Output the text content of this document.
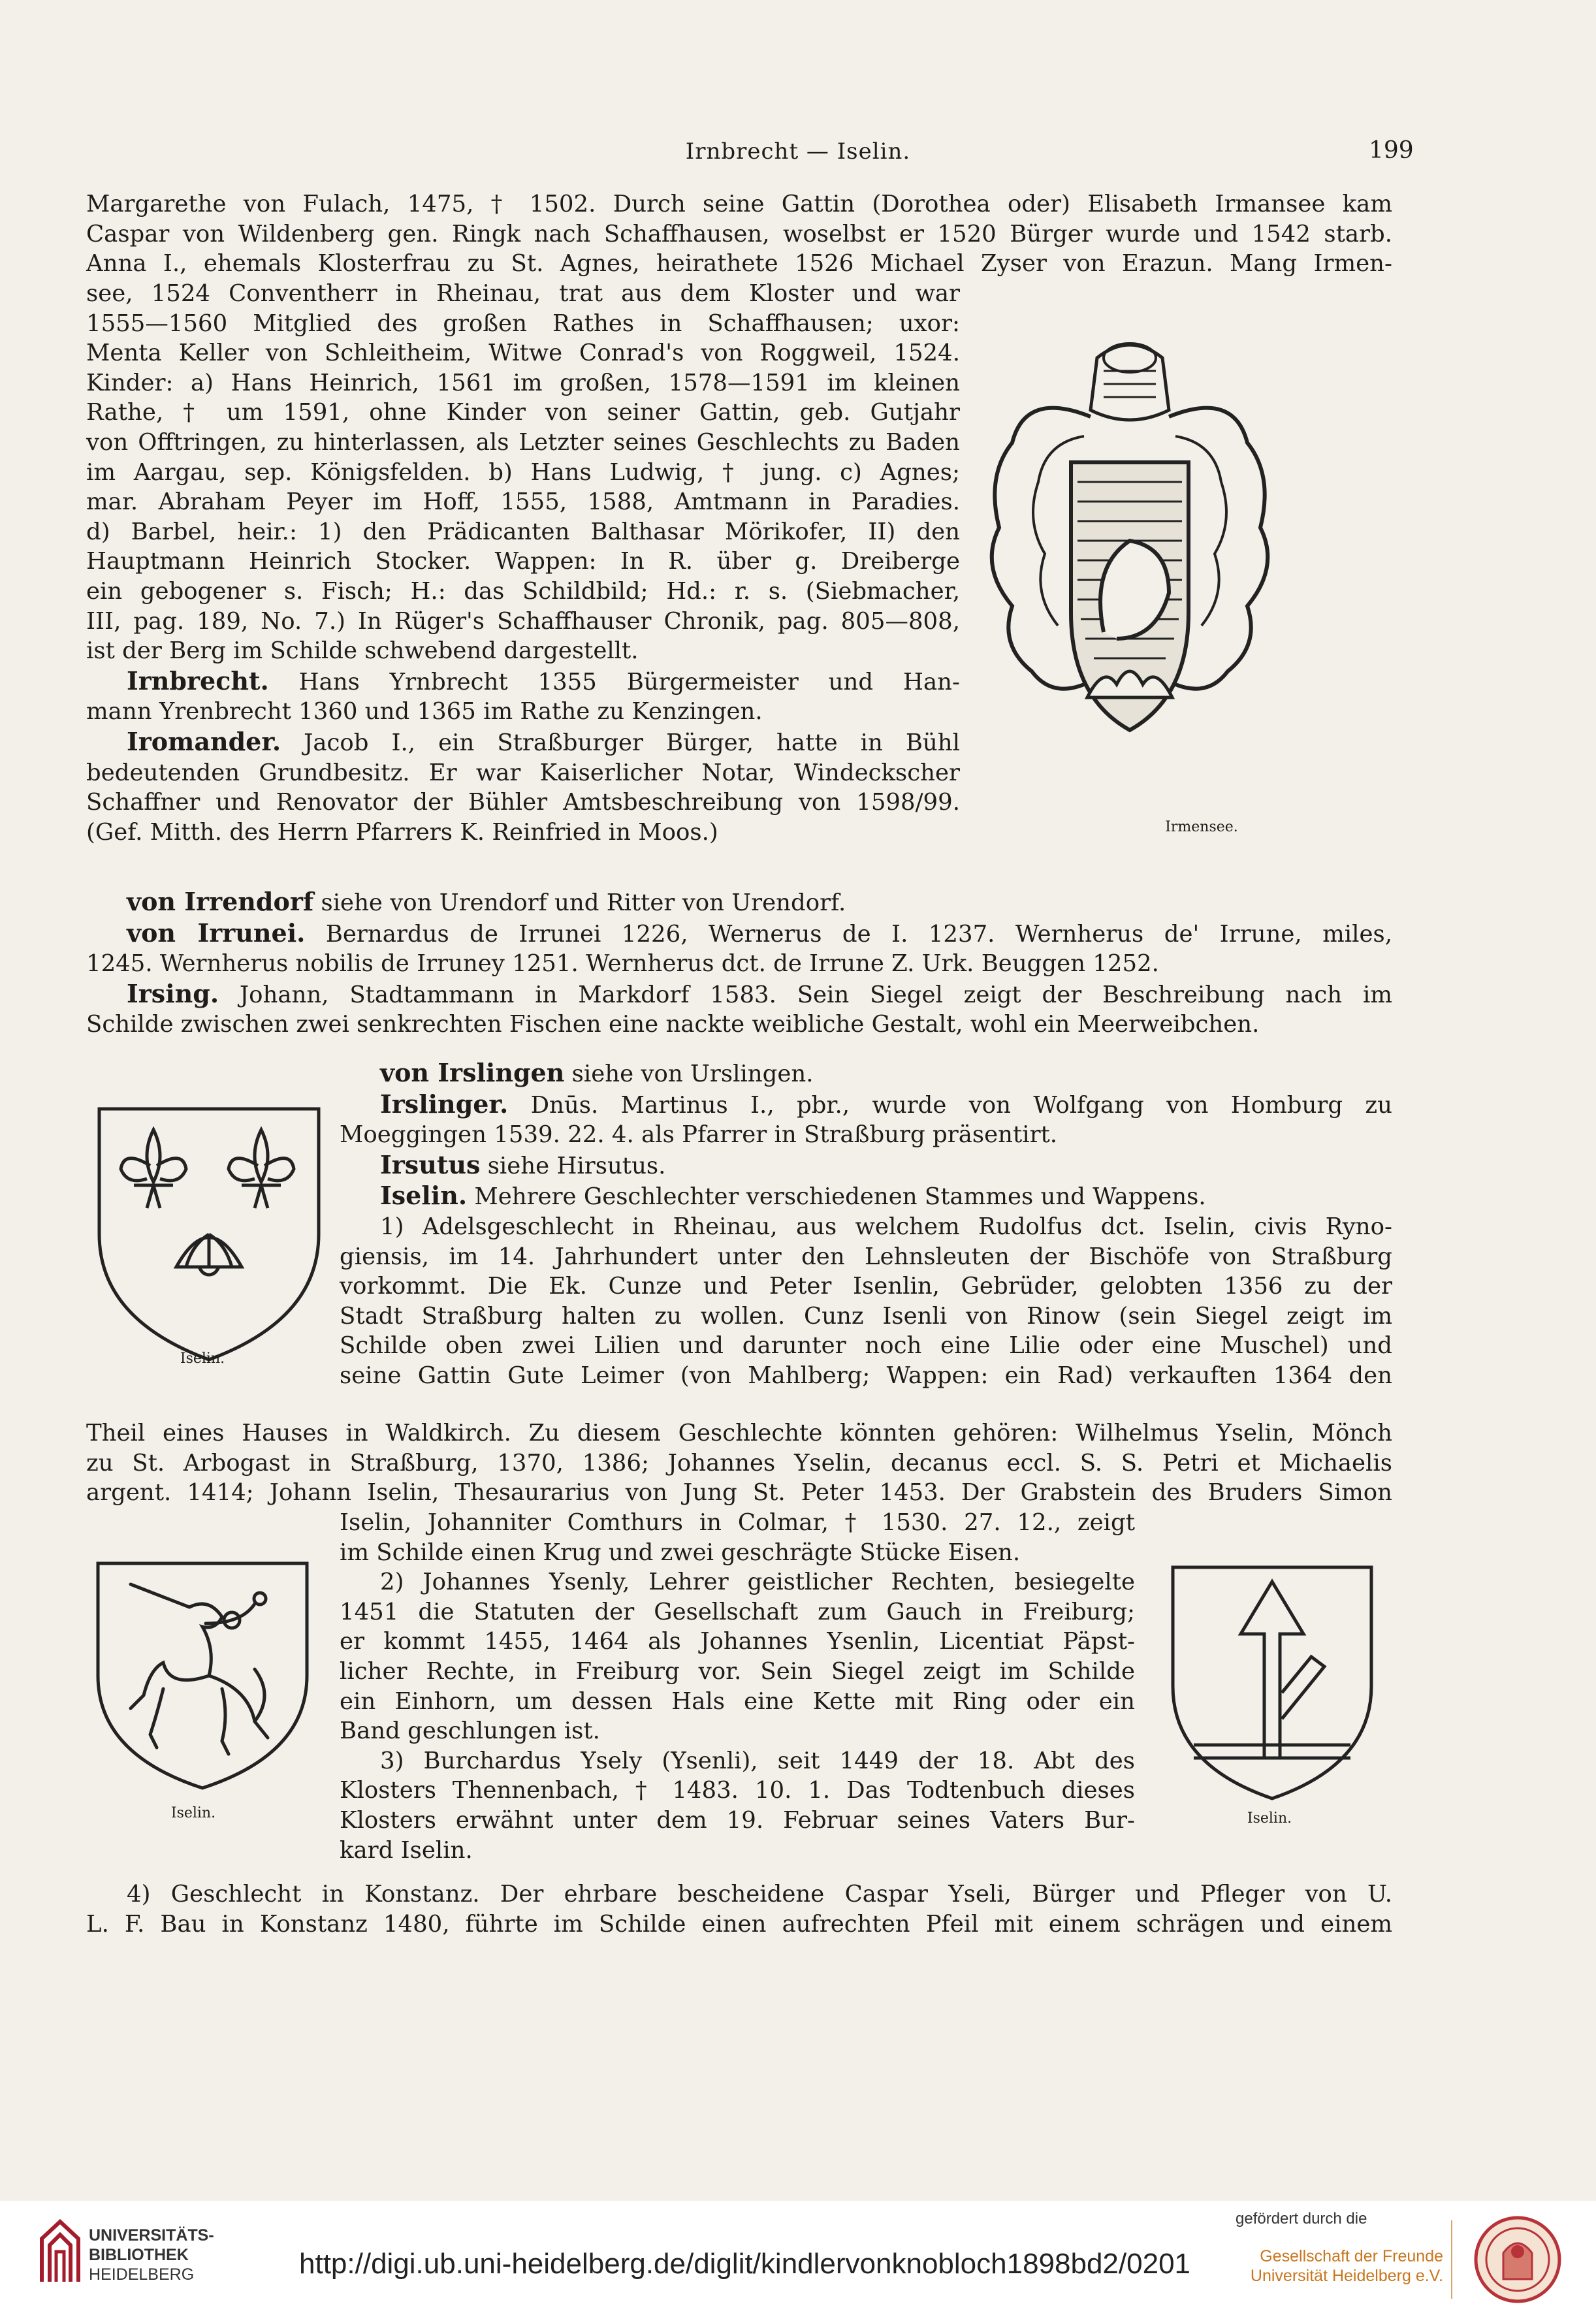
Irnbrecht — Iselin.	199

Margarethe von Fulach, 1475, † 1502. Durch seine Gattin (Dorothea oder) Elisabeth Irmansee kam

Caspar von Wildenberg gen. Ringk nach Schaffhausen, woselbst er 1520 Bürger wurde und 1542 starb.

Anna I., ehemals Klosterfrau zu St. Agnes, heirathete 1526 Michael Zyser von Erazun. Mang Irmen-

see, 1524 Conventherr in Rheinau, trat aus dem Kloster und war

1555—1560 Mitglied des großen Rathes in Schaffhausen; uxor:

Menta Keller von Schleitheim, Witwe Conrad's von Roggweil, 1524.

Kinder: a) Hans Heinrich, 1561 im großen, 1578—1591 im kleinen

Rathe, † um 1591, ohne Kinder von seiner Gattin, geb. Gutjahr

von Offtringen, zu hinterlassen, als Letzter seines Geschlechts zu Baden

im Aargau, sep. Königsfelden. b) Hans Ludwig, † jung. c) Agnes;

mar. Abraham Peyer im Hoff, 1555, 1588, Amtmann in Paradies.

d) Barbel, heir.: 1) den Prädicanten Balthasar Mörikofer, II) den

Hauptmann Heinrich Stocker. Wappen: In R. über g. Dreiberge

ein gebogener s. Fisch; H.: das Schildbild; Hd.: r. s. (Siebmacher,

III, pag. 189, No. 7.) In Rüger's Schaffhauser Chronik, pag. 805—808,

ist der Berg im Schilde schwebend dargestellt.

Irnbrecht. Hans Yrnbrecht 1355 Bürgermeister und Han-

mann Yrenbrecht 1360 und 1365 im Rathe zu Kenzingen.

Iromander. Jacob I., ein Straßburger Bürger, hatte in Bühl

bedeutenden Grundbesitz. Er war Kaiserlicher Notar, Windeckscher

Schaffner und Renovator der Bühler Amtsbeschreibung von 1598/99.

(Gef. Mitth. des Herrn Pfarrers K. Reinfried in Moos.)	Irmensee.

von Irrendorf siehe von Urendorf und Ritter von Urendorf.

von Irrunei. Bernardus de Irrunei 1226, Wernerus de I. 1237. Wernherus de' Irrune, miles,

1245. Wernherus nobilis de Irruney 1251. Wernherus dct. de Irrune Z. Urk. Beuggen 1252.

Irsing. Johann, Stadtammann in Markdorf 1583. Sein Siegel zeigt der Beschreibung nach im

Schilde zwischen zwei senkrechten Fischen eine nackte weibliche Gestalt, wohl ein Meerweibchen.

von Irslingen siehe von Urslingen.

Irslinger. Dnūs. Martinus I., pbr., wurde von Wolfgang von Homburg zu

Moeggingen 1539. 22. 4. als Pfarrer in Straßburg präsentirt.

Irsutus siehe Hirsutus.

Iselin. Mehrere Geschlechter verschiedenen Stammes und Wappens.

1) Adelsgeschlecht in Rheinau, aus welchem Rudolfus dct. Iselin, civis Ryno-

giensis, im 14. Jahrhundert unter den Lehnsleuten der Bischöfe von Straßburg

vorkommt. Die Ek. Cunze und Peter Isenlin, Gebrüder, gelobten 1356 zu der

Stadt Straßburg halten zu wollen. Cunz Isenli von Rinow (sein Siegel zeigt im

Schilde oben zwei Lilien und darunter noch eine Lilie oder eine Muschel) und

seine Gattin Gute Leimer (von Mahlberg; Wappen: ein Rad) verkauften 1364 den

Iselin.

Theil eines Hauses in Waldkirch. Zu diesem Geschlechte könnten gehören: Wilhelmus Yselin, Mönch

zu St. Arbogast in Straßburg, 1370, 1386; Johannes Yselin, decanus eccl. S. S. Petri et Michaelis

argent. 1414; Johann Iselin, Thesaurarius von Jung St. Peter 1453. Der Grabstein des Bruders Simon

Iselin, Johanniter Comthurs in Colmar, † 1530. 27. 12., zeigt

im Schilde einen Krug und zwei geschrägte Stücke Eisen.

2) Johannes Ysenly, Lehrer geistlicher Rechten, besiegelte

1451 die Statuten der Gesellschaft zum Gauch in Freiburg;

er kommt 1455, 1464 als Johannes Ysenlin, Licentiat Päpst-

licher Rechte, in Freiburg vor. Sein Siegel zeigt im Schilde

ein Einhorn, um dessen Hals eine Kette mit Ring oder ein

Band geschlungen ist.

3) Burchardus Ysely (Ysenli), seit 1449 der 18. Abt des

Klosters Thennenbach, † 1483. 10. 1. Das Todtenbuch dieses

Klosters erwähnt unter dem 19. Februar seines Vaters Bur-

kard Iselin.

Iselin.	Iselin.

4) Geschlecht in Konstanz. Der ehrbare bescheidene Caspar Yseli, Bürger und Pfleger von U.

L. F. Bau in Konstanz 1480, führte im Schilde einen aufrechten Pfeil mit einem schrägen und einem

UNIVERSITÄTS-
BIBLIOTHEK
HEIDELBERG	http://digi.ub.uni-heidelberg.de/diglit/kindlervonknobloch1898bd2/0201
gefördert durch die
Gesellschaft der Freunde
Universität Heidelberg e.V.
